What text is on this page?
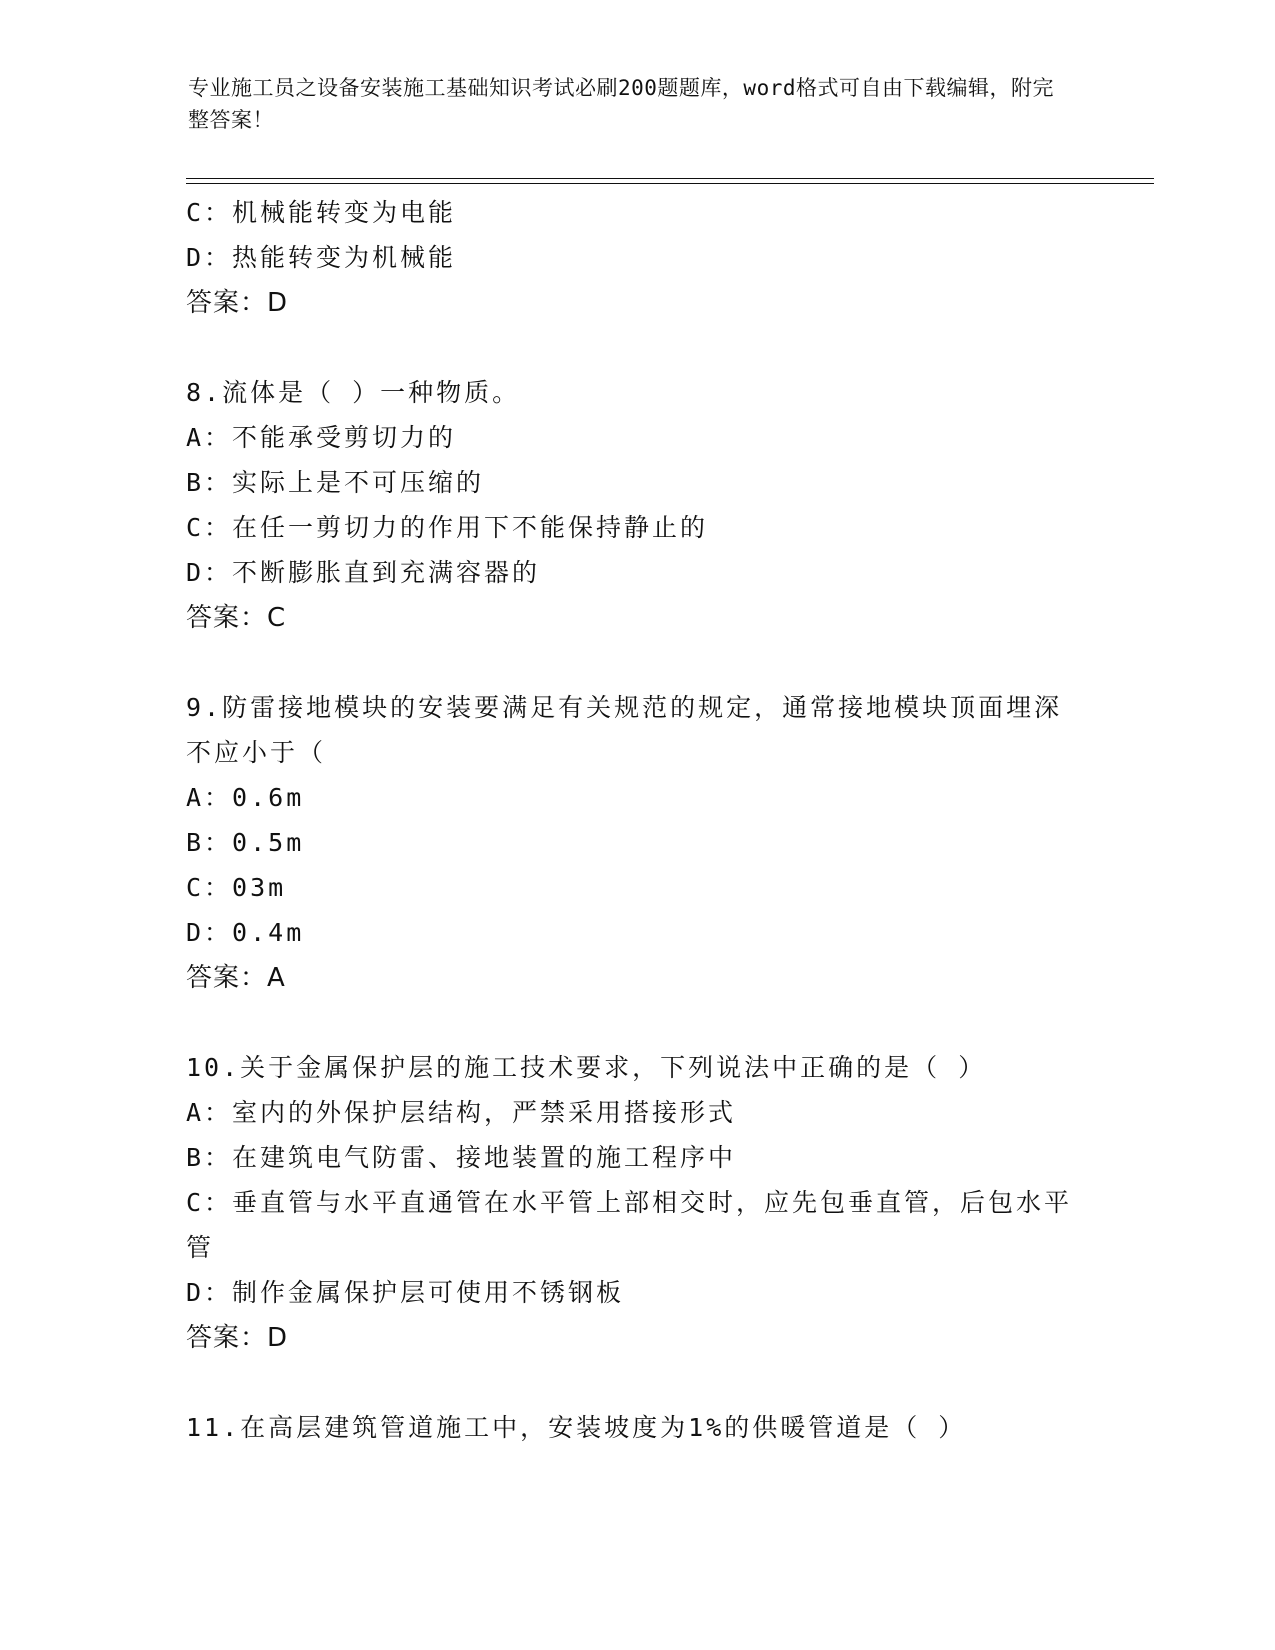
专业施工员之设备安装施工基础知识考试必刷200题题库，word格式可自由下载编辑，附完整答案！
C：机械能转变为电能
D：热能转变为机械能
答案：D
8.流体是（ ）一种物质。
A：不能承受剪切力的
B：实际上是不可压缩的
C：在任一剪切力的作用下不能保持静止的
D：不断膨胀直到充满容器的
答案：C
9.防雷接地模块的安装要满足有关规范的规定，通常接地模块顶面埋深不应小于（
A：0.6m
B：0.5m
C：03m
D：0.4m
答案：A
10.关于金属保护层的施工技术要求，下列说法中正确的是（ ）
A：室内的外保护层结构，严禁采用搭接形式
B：在建筑电气防雷、接地装置的施工程序中
C：垂直管与水平直通管在水平管上部相交时，应先包垂直管，后包水平管
D：制作金属保护层可使用不锈钢板
答案：D
11.在高层建筑管道施工中，安装坡度为1%的供暖管道是（ ）
